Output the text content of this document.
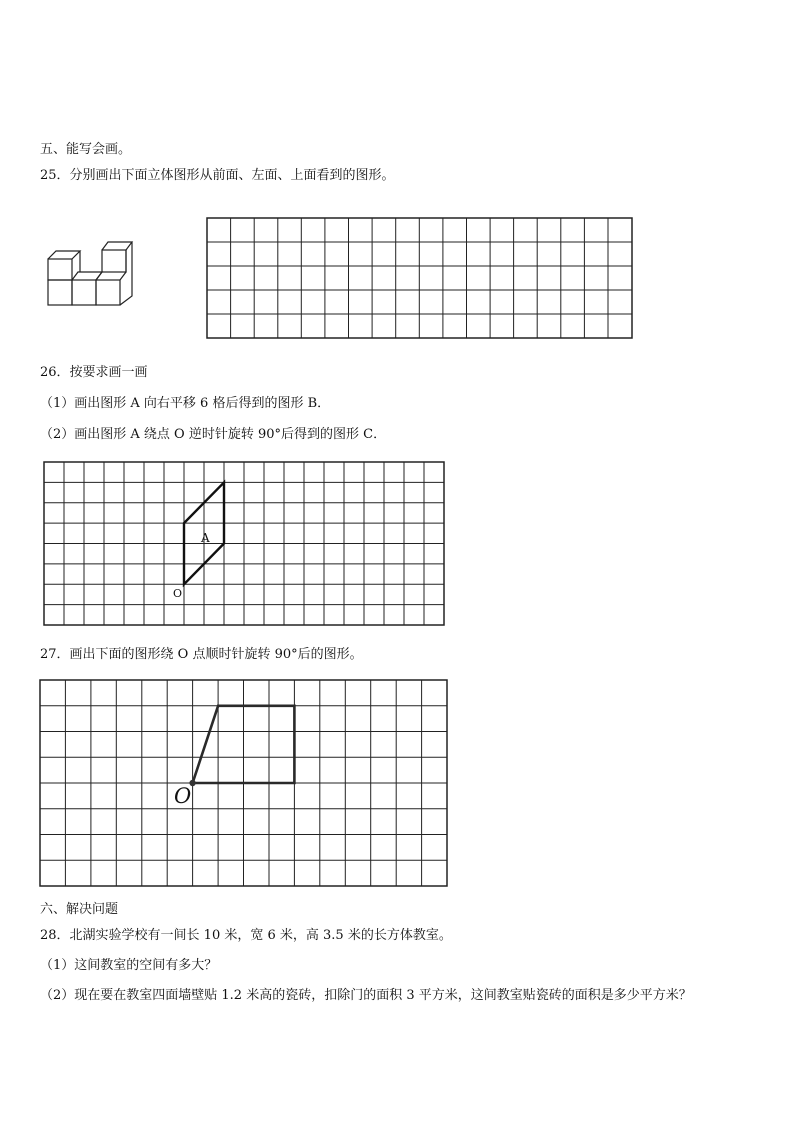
五、能写会画。
25．分别画出下面立体图形从前面、左面、上面看到的图形。
26．按要求画一画
（1）画出图形 A 向右平移 6 格后得到的图形 B．
（2）画出图形 A 绕点 O 逆时针旋转 90°后得到的图形 C．
27．画出下面的图形绕 O 点顺时针旋转 90°后的图形。
六、解决问题
28．北湖实验学校有一间长 10 米，宽 6 米，高 3.5 米的长方体教室。
（1）这间教室的空间有多大？
（2）现在要在教室四面墙壁贴 1.2 米高的瓷砖，扣除门的面积 3 平方米，这间教室贴瓷砖的面积是多少平方米？
A
O
O
